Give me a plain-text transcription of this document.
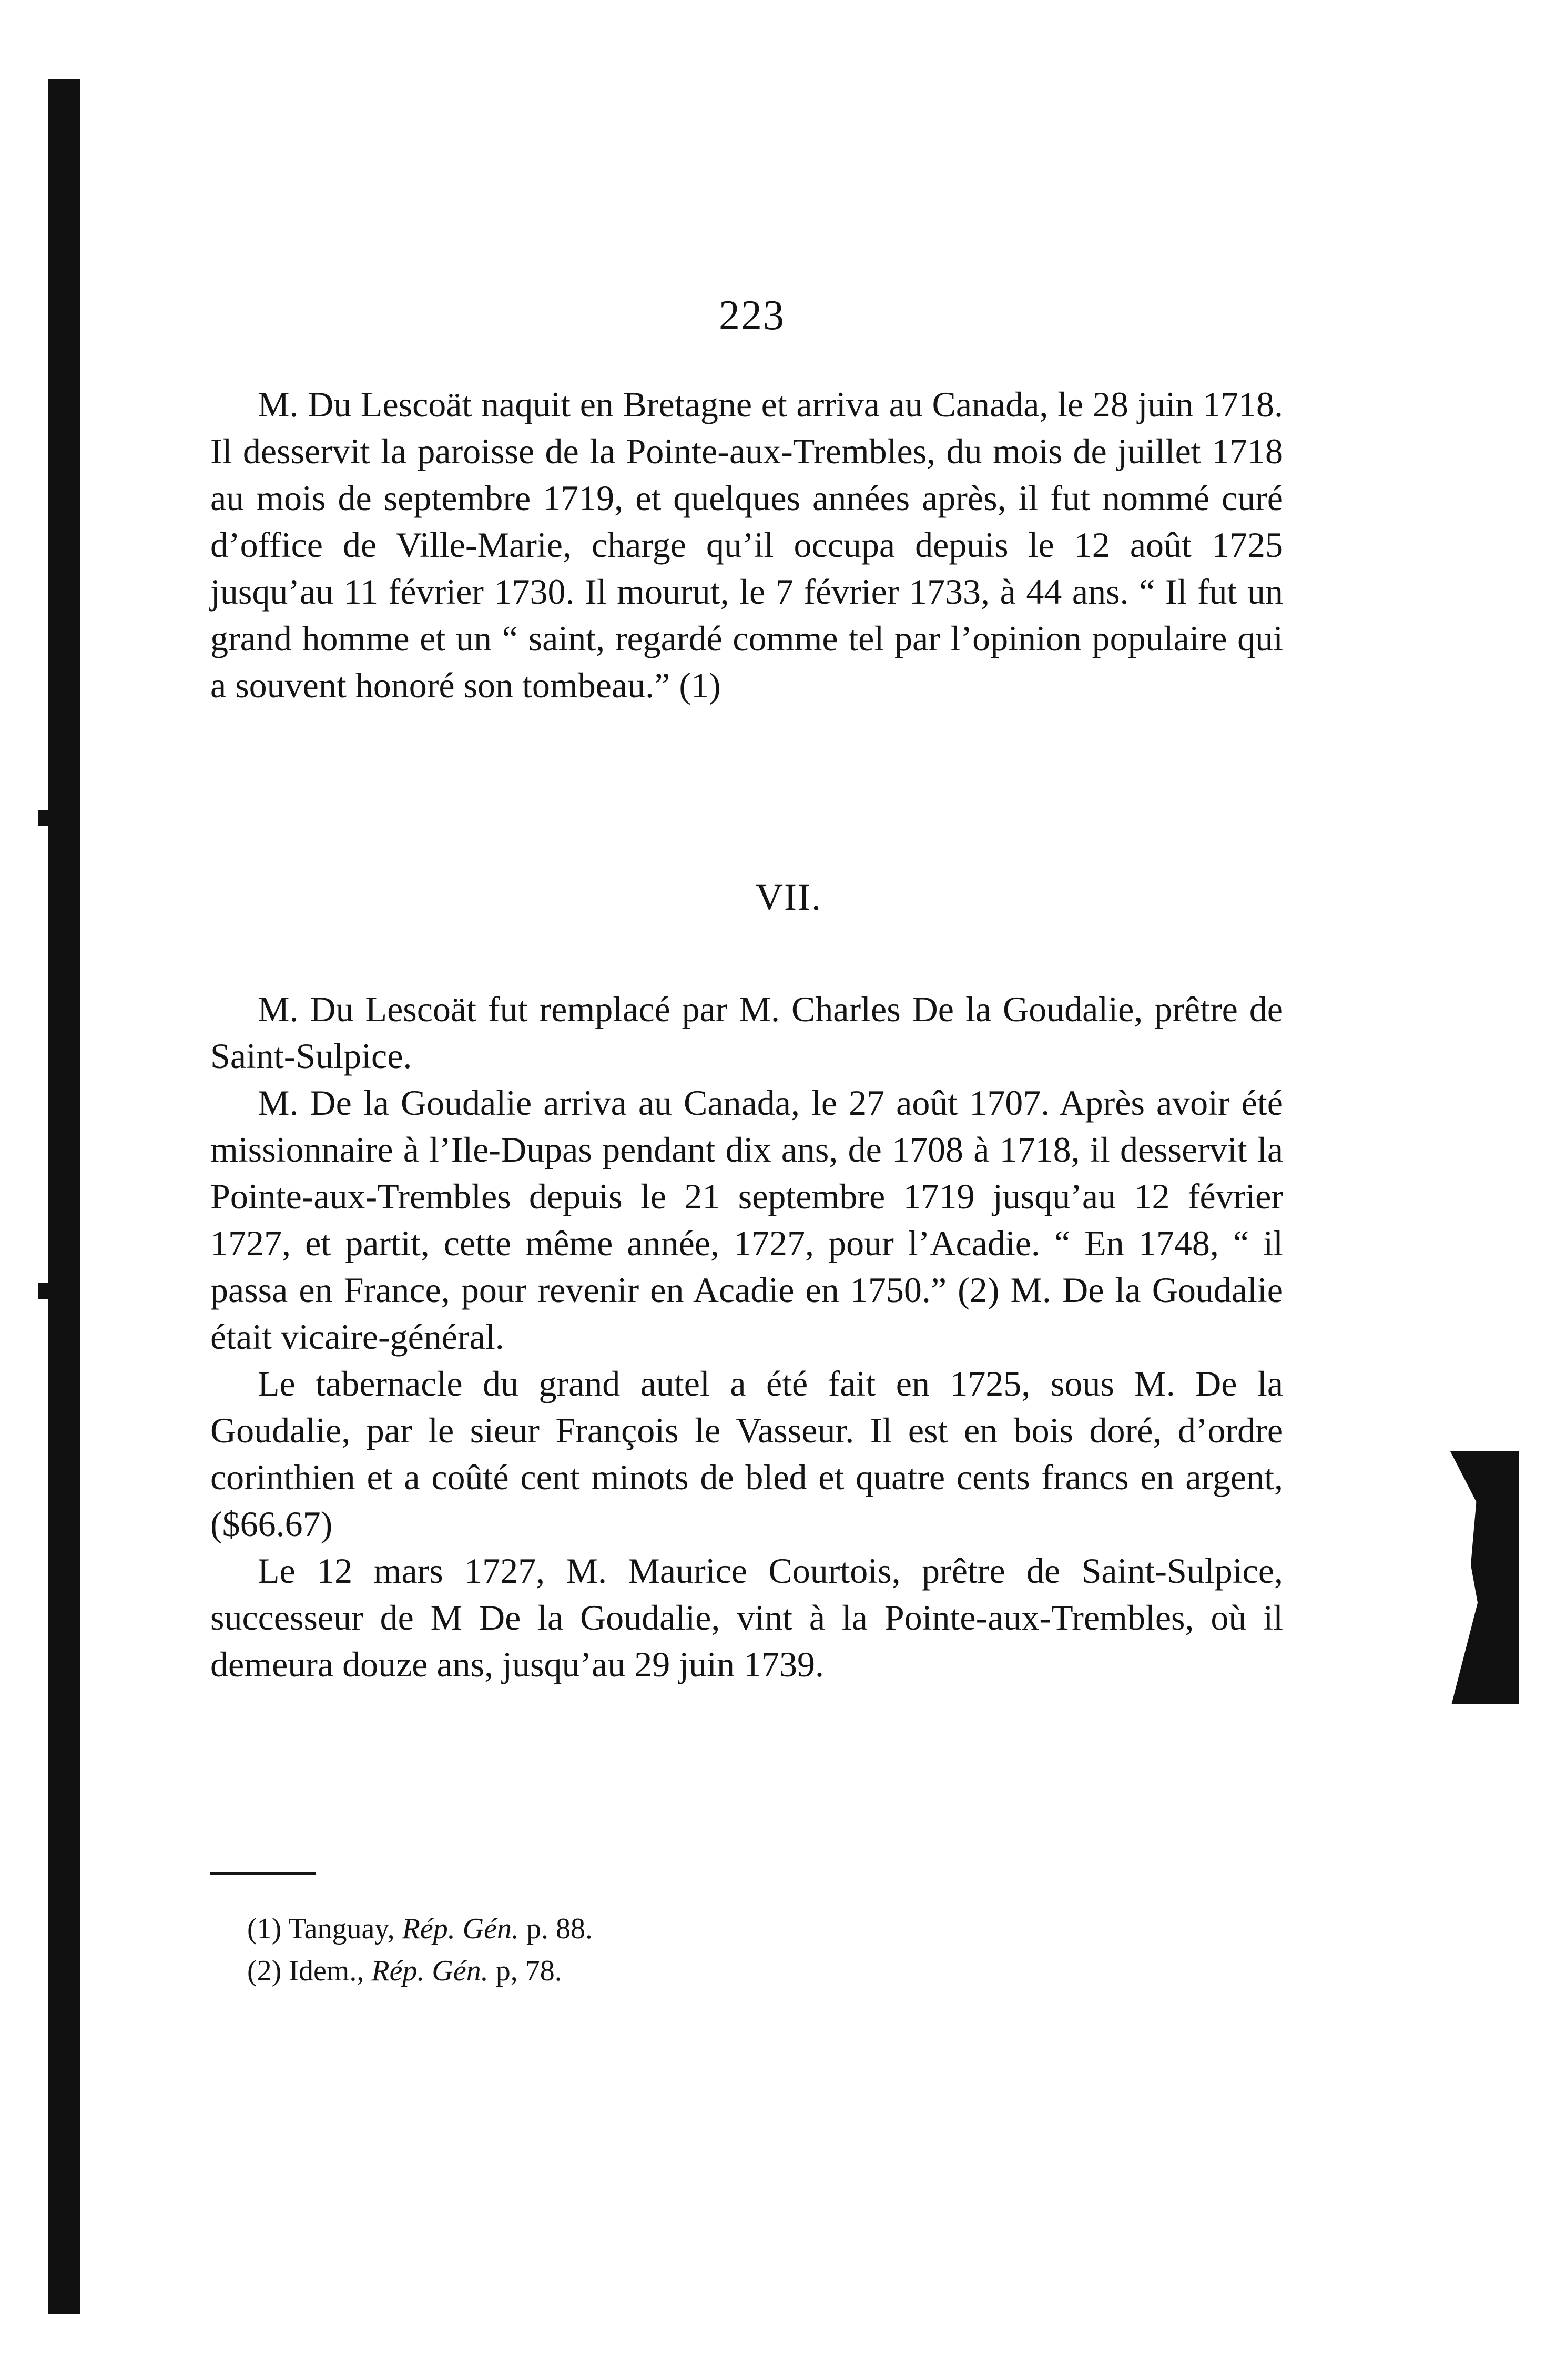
223

M. Du Lescoät naquit en Bretagne et arriva au Canada, le 28 juin 1718. Il desservit la paroisse de la Pointe-aux-Trembles, du mois de juillet 1718 au mois de septembre 1719, et quelques années après, il fut nommé curé d’office de Ville-Marie, charge qu’il occupa depuis le 12 août 1725 jusqu’au 11 février 1730. Il mourut, le 7 février 1733, à 44 ans. “ Il fut un grand homme et un “ saint, regardé comme tel par l’opinion populaire qui a souvent honoré son tombeau.” (1)

VII.

M. Du Lescoät fut remplacé par M. Charles De la Goudalie, prêtre de Saint-Sulpice.

M. De la Goudalie arriva au Canada, le 27 août 1707. Après avoir été missionnaire à l’Ile-Dupas pendant dix ans, de 1708 à 1718, il desservit la Pointe-aux-Trembles depuis le 21 septembre 1719 jusqu’au 12 février 1727, et partit, cette même année, 1727, pour l’Acadie. “ En 1748, “ il passa en France, pour revenir en Acadie en 1750.” (2) M. De la Goudalie était vicaire-général.

Le tabernacle du grand autel a été fait en 1725, sous M. De la Goudalie, par le sieur François le Vasseur. Il est en bois doré, d’ordre corinthien et a coûté cent minots de bled et quatre cents francs en argent, ($66.67)

Le 12 mars 1727, M. Maurice Courtois, prêtre de Saint-Sulpice, successeur de M De la Goudalie, vint à la Pointe-aux-Trembles, où il demeura douze ans, jusqu’au 29 juin 1739.

(1) Tanguay, Rép. Gén. p. 88.

(2) Idem., Rép. Gén. p, 78.
